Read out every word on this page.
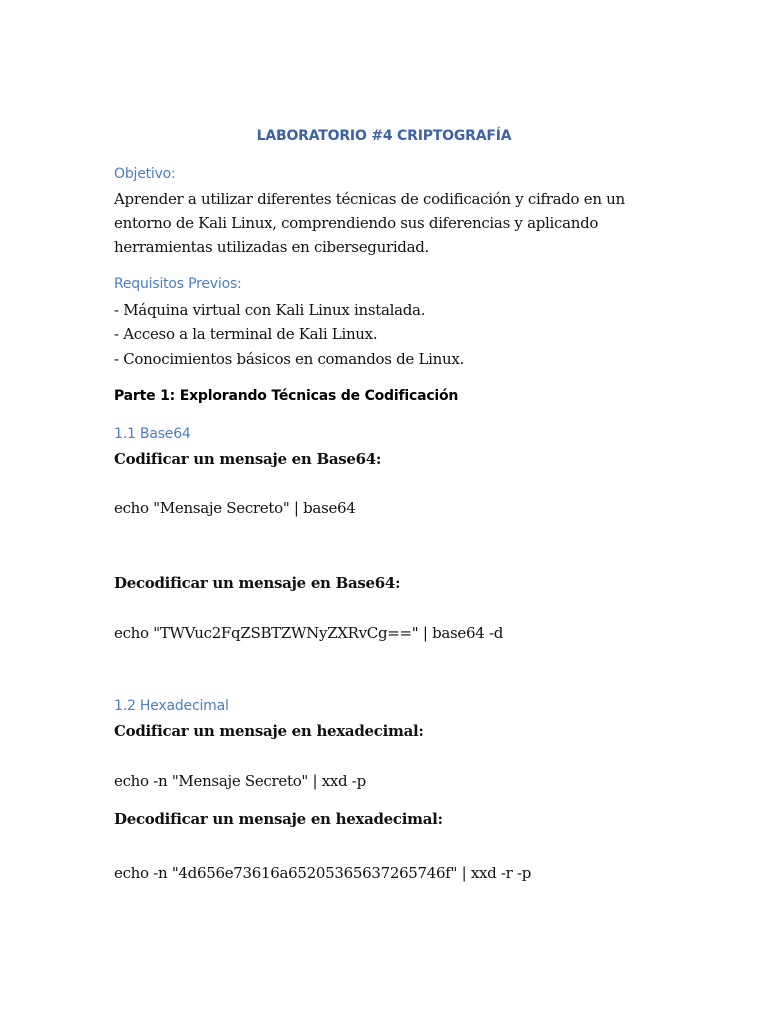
LABORATORIO #4 CRIPTOGRAFÍA
Objetivo:
Aprender a utilizar diferentes técnicas de codificación y cifrado en un
entorno de Kali Linux, comprendiendo sus diferencias y aplicando
herramientas utilizadas en ciberseguridad.
Requisitos Previos:
- Máquina virtual con Kali Linux instalada.
- Acceso a la terminal de Kali Linux.
- Conocimientos básicos en comandos de Linux.
Parte 1: Explorando Técnicas de Codificación
1.1 Base64
Codificar un mensaje en Base64:
echo "Mensaje Secreto" | base64
Decodificar un mensaje en Base64:
echo "TWVuc2FqZSBTZWNyZXRvCg==" | base64 -d
1.2 Hexadecimal
Codificar un mensaje en hexadecimal:
echo -n "Mensaje Secreto" | xxd -p
Decodificar un mensaje en hexadecimal:
echo -n "4d656e73616a65205365637265746f" | xxd -r -p
